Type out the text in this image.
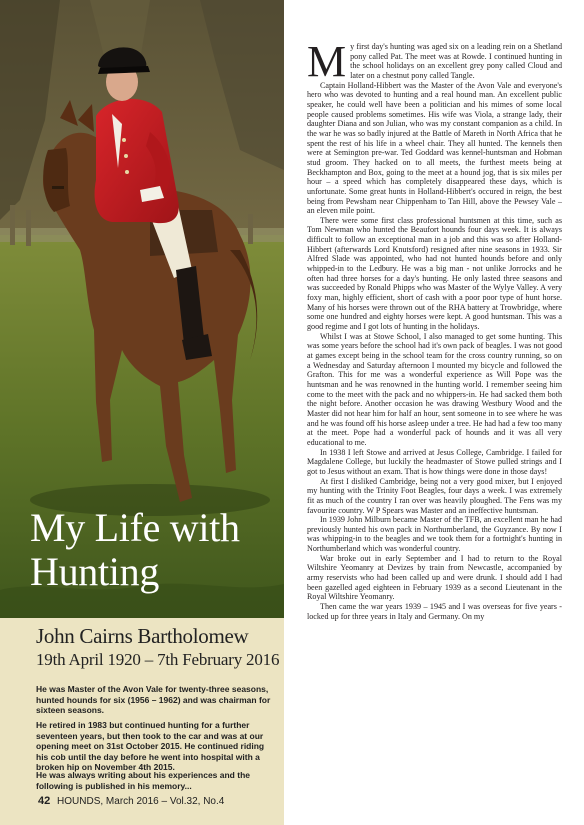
My Life with
Hunting
John Cairns Bartholomew
19th April 1920 – 7th February 2016

He was Master of the Avon Vale for twenty-three seasons, hunted hounds for six (1956 – 1962) and was chairman for sixteen seasons.

He retired in 1983 but continued hunting for a further seventeen years, but then took to the car and was at our opening meet on 31st October 2015. He continued riding his cob until the day before he went into hospital with a broken hip on November 4th 2015.

He was always writing about his experiences and the following is published in his memory...

42 HOUNDS, March 2016 – Vol.32, No.4

My first day's hunting was aged six on a leading rein on a Shetland pony called Pat. The meet was at Rowde. I continued hunting in the school holidays on an excellent grey pony called Cloud and later on a chestnut pony called Tangle.

Captain Holland-Hibbert was the Master of the Avon Vale and everyone's hero who was devoted to hunting and a real hound man. An excellent public speaker, he could well have been a politician and his mimes of some local people caused problems sometimes. His wife was Viola, a strange lady, their daughter Diana and son Julian, who was my constant companion as a child. In the war he was so badly injured at the Battle of Mareth in North Africa that he spent the rest of his life in a wheel chair. They all hunted. The kennels then were at Semington pre-war. Ted Goddard was kennel-huntsman and Hobman stud groom. They hacked on to all meets, the furthest meets being at Beckhampton and Box, going to the meet at a hound jog, that is six miles per hour – a speed which has completely disappeared these days, which is unfortunate. Some great hunts in Holland-Hibbert's occured in reign, the best being from Pewsham near Chippenham to Tan Hill, above the Pewsey Vale – an eleven mile point.

There were some first class professional huntsmen at this time, such as Tom Newman who hunted the Beaufort hounds four days week. It is always difficult to follow an exceptional man in a job and this was so after Holland-Hibbert (afterwards Lord Knutsford) resigned after nine seasons in 1933. Sir Alfred Slade was appointed, who had not hunted hounds before and only whipped-in to the Ledbury. He was a big man - not unlike Jorrocks and he often had three horses for a day's hunting. He only lasted three seasons and was succeeded by Ronald Phipps who was Master of the Wylye Valley. A very foxy man, highly efficient, short of cash with a poor poor type of hunt horse. Many of his horses were thrown out of the RHA battery at Trowbridge, where some one hundred and eighty horses were kept. A good huntsman. This was a good regime and I got lots of hunting in the holidays.

Whilst I was at Stowe School, I also managed to get some hunting. This was some years before the school had it's own pack of beagles. I was not good at games except being in the school team for the cross country running, so on a Wednesday and Saturday afternoon I mounted my bicycle and followed the Grafton. This for me was a wonderful experience as Will Pope was the huntsman and he was renowned in the hunting world. I remember seeing him come to the meet with the pack and no whippers-in. He had sacked them both the night before. Another occasion he was drawing Westbury Wood and the Master did not hear him for half an hour, sent someone in to see where he was and he was found off his horse asleep under a tree. He had had a few too many at the meet. Pope had a wonderful pack of hounds and it was all very educational to me.

In 1938 I left Stowe and arrived at Jesus College, Cambridge. I failed for Magdalene College, but luckily the headmaster of Stowe pulled strings and I got to Jesus without an exam. That is how things were done in those days!

At first I disliked Cambridge, being not a very good mixer, but I enjoyed my hunting with the Trinity Foot Beagles, four days a week. I was extremely fit as much of the country I ran over was heavily ploughed. The Fens was my favourite country. W P Spears was Master and an ineffective huntsman.

In 1939 John Milburn became Master of the TFB, an excellent man he had previously hunted his own pack in Northumberland, the Guyzance. By now I was whipping-in to the beagles and we took them for a fortnight's hunting in Northumberland which was wonderful country.

War broke out in early September and I had to return to the Royal Wiltshire Yeomanry at Devizes by train from Newcastle, accompanied by army reservists who had been called up and were drunk. I should add I had been gazelled aged eighteen in February 1939 as a second Lieutenant in the Royal Wiltshire Yeomanry.

Then came the war years 1939 – 1945 and I was overseas for five years - locked up for three years in Italy and Germany. On my
